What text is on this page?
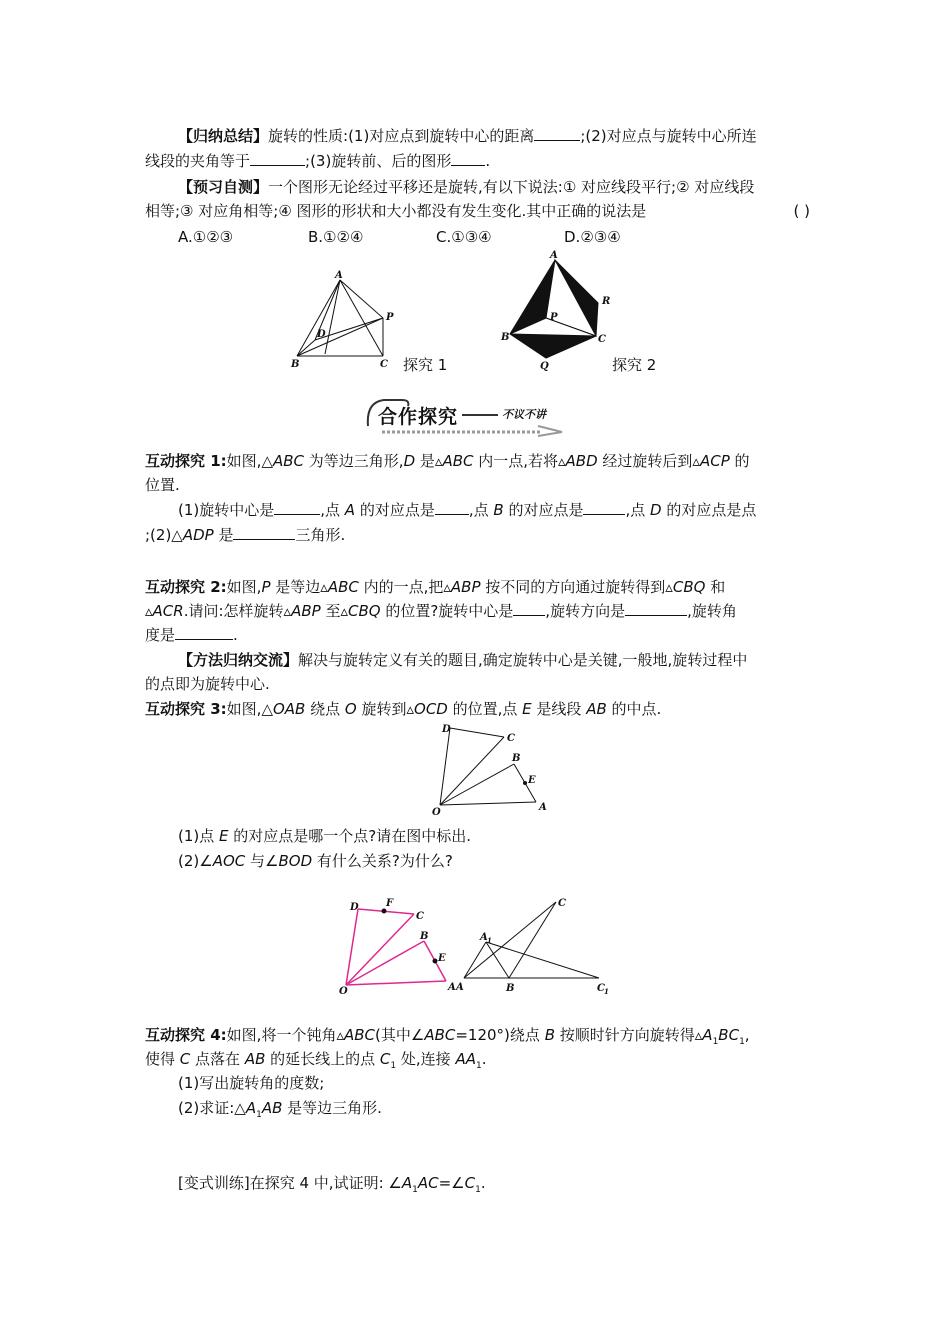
【归纳总结】旋转的性质:(1)对应点到旋转中心的距离	;(2)对应点与旋转中心所连
线段的夹角等于	;(3)旋转前、后的图形 .
【预习自测】一个图形无论经过平移还是旋转,有以下说法:① 对应线段平行;② 对应线段
相等;③ 对应角相等;④ 图形的形状和大小都没有发生变化.其中正确的说法是	( )
A.①②③	B.①②④	C.①③④	D.②③④
A
P
D
B	C 探究 1
A
R
P
B	C
Q	探究 2
合作探究	不议不讲
互动探究 1:如图,△ABC 为等边三角形,D 是▵ABC 内一点,若将▵ABD 经过旋转后到▵ACP 的
位置.
(1)旋转中心是	,点 A 的对应点是 ,点 B 的对应点是	,点 D 的对应点是点
;(2)△ADP 是	三角形.
互动探究 2:如图,P 是等边▵ABC 内的一点,把▵ABP 按不同的方向通过旋转得到▵CBQ 和
▵ACR.请问:怎样旋转▵ABP 至▵CBQ 的位置?旋转中心是 ,旋转方向是	,旋转角
度是	.
【方法归纳交流】解决与旋转定义有关的题目,确定旋转中心是关键,一般地,旋转过程中
的点即为旋转中心.
互动探究 3:如图,△OAB 绕点 O 旋转到▵OCD 的位置,点 E 是线段 AB 的中点.
D
C
B
E
O	A
(1)点 E 的对应点是哪一个点?请在图中标出.
(2)∠AOC 与∠BOD 有什么关系?为什么?
D	F
C
B
E
O	A
C
A 1
A	B	C 1
互动探究 4:如图,将一个钝角▵ABC(其中∠ABC=120°)绕点 B 按顺时针方向旋转得$▵A_1BC_1$,
使得 C 点落在 AB 的延长线上的点 $C_1$ 处,连接 $AA_1$.
(1)写出旋转角的度数;
(2)求证$:\triangle A_1AB$ 是等边三角形.
[变式训练]在探究 4 中,试证明: $\angle A_1AC=\angle C_1$.
